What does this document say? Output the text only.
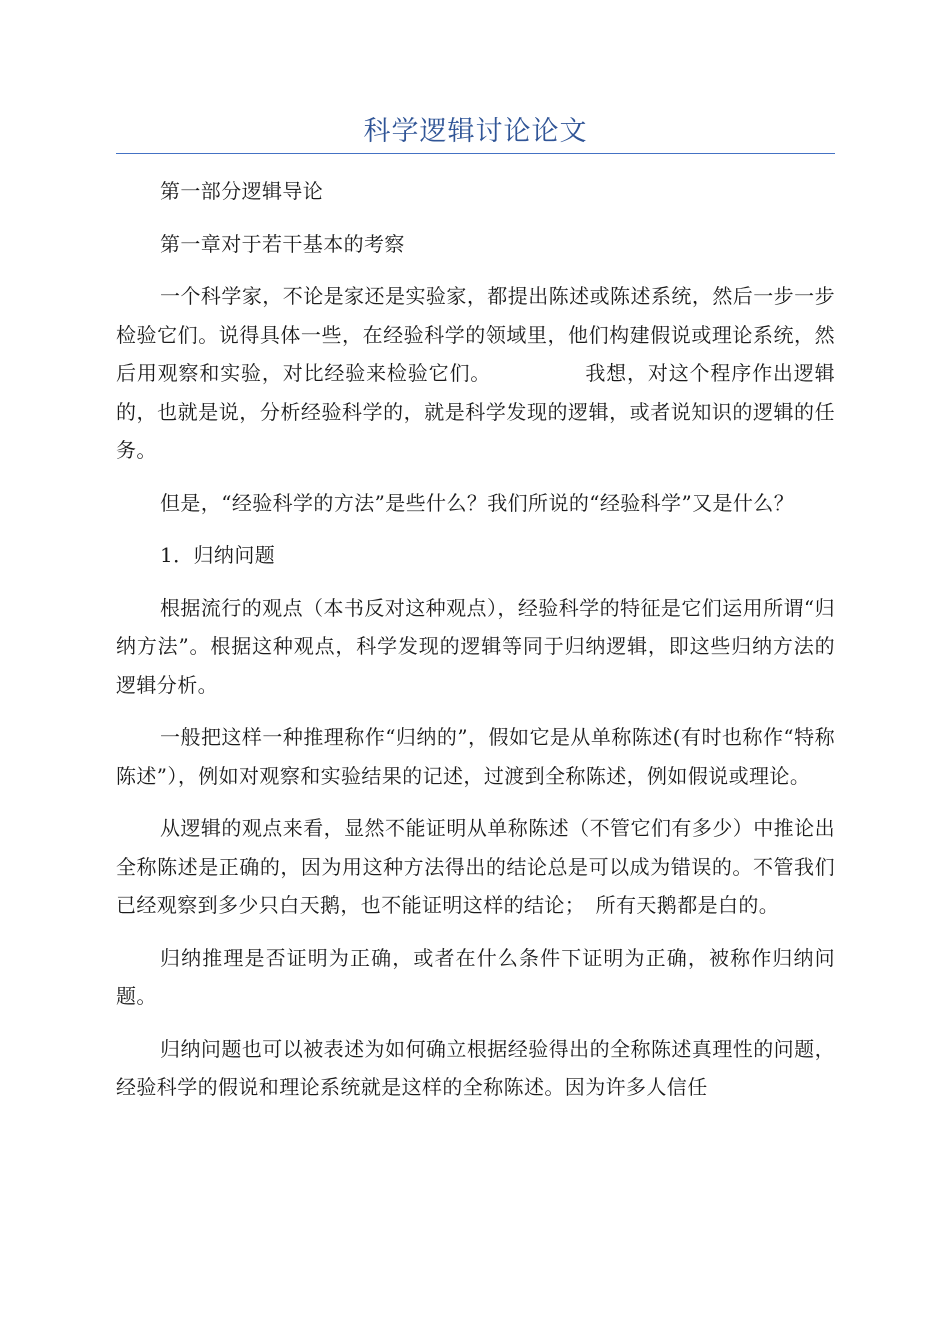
科学逻辑讨论论文

第一部分逻辑导论

第一章对于若干基本的考察

一个科学家，不论是家还是实验家，都提出陈述或陈述系统，然后一步一步检验它们。说得具体一些，在经验科学的领域里，他们构建假说或理论系统，然后用观察和实验，对比经验来检验它们。　　　　　我想，对这个程序作出逻辑的，也就是说，分析经验科学的，就是科学发现的逻辑，或者说知识的逻辑的任务。

但是，“经验科学的方法”是些什么？我们所说的“经验科学”又是什么？

1．归纳问题

根据流行的观点（本书反对这种观点），经验科学的特征是它们运用所谓“归纳方法”。根据这种观点，科学发现的逻辑等同于归纳逻辑，即这些归纳方法的逻辑分析。

一般把这样一种推理称作“归纳的”，假如它是从单称陈述(有时也称作“特称陈述”），例如对观察和实验结果的记述，过渡到全称陈述，例如假说或理论。

从逻辑的观点来看，显然不能证明从单称陈述（不管它们有多少）中推论出全称陈述是正确的，因为用这种方法得出的结论总是可以成为错误的。不管我们已经观察到多少只白天鹅，也不能证明这样的结论；　所有天鹅都是白的。

归纳推理是否证明为正确，或者在什么条件下证明为正确，被称作归纳问题。

归纳问题也可以被表述为如何确立根据经验得出的全称陈述真理性的问题，经验科学的假说和理论系统就是这样的全称陈述。因为许多人信任
